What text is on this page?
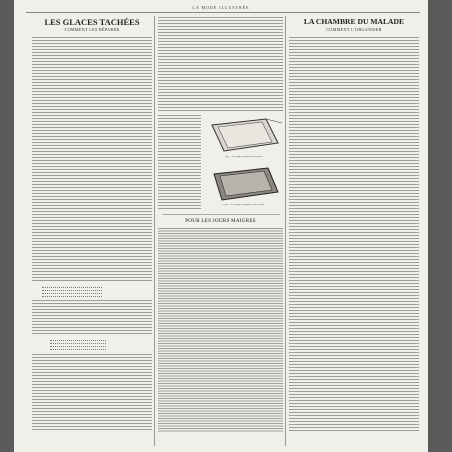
LA MODE ILLUSTRÉE
LES GLACES TACHÉES
COMMENT LES RÉPARER
Fig. 1. Rectangle bordure de la glace.
Fig. 2. Rectangle de papier collé au dos.
POUR LES JOURS MAIGRES
LA CHAMBRE DU MALADE
COMMENT L'ORGANISER
